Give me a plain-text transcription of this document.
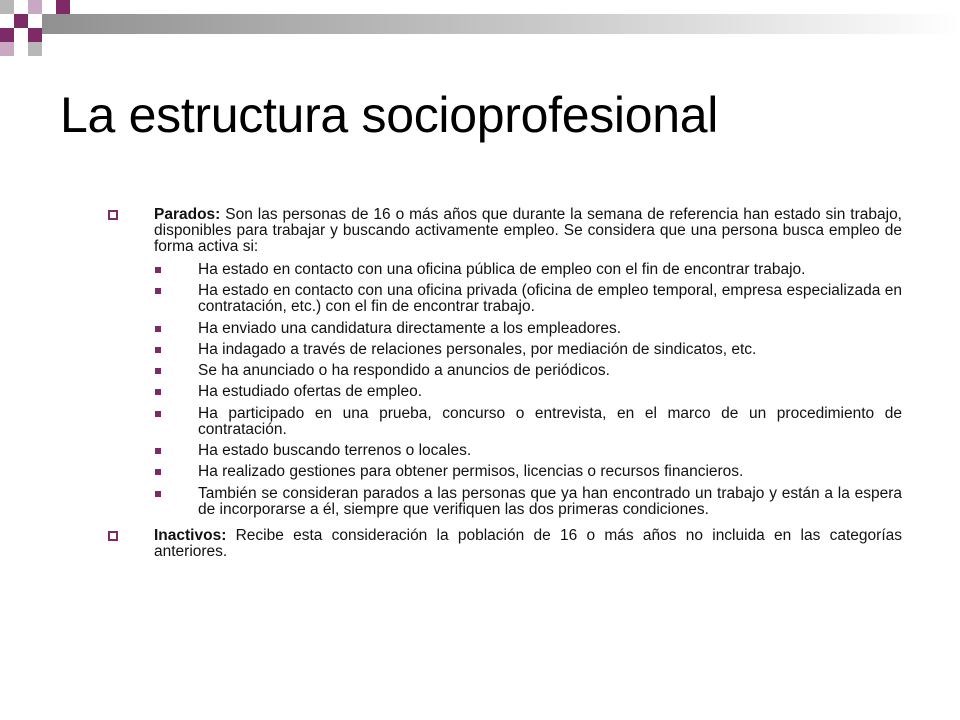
La estructura socioprofesional
Parados: Son las personas de 16 o más años que durante la semana de referencia han estado sin trabajo, disponibles para trabajar y buscando activamente empleo. Se considera que una persona busca empleo de forma activa si:
Ha estado en contacto con una oficina pública de empleo con el fin de encontrar trabajo.
Ha estado en contacto con una oficina privada (oficina de empleo temporal, empresa especializada en contratación, etc.) con el fin de encontrar trabajo.
Ha enviado una candidatura directamente a los empleadores.
Ha indagado a través de relaciones personales, por mediación de sindicatos, etc.
Se ha anunciado o ha respondido a anuncios de periódicos.
Ha estudiado ofertas de empleo.
Ha participado en una prueba, concurso o entrevista, en el marco de un procedimiento de contratación.
Ha estado buscando terrenos o locales.
Ha realizado gestiones para obtener permisos, licencias o recursos financieros.
También se consideran parados a las personas que ya han encontrado un trabajo y están a la espera de incorporarse a él, siempre que verifiquen las dos primeras condiciones.
Inactivos: Recibe esta consideración la población de 16 o más años no incluida en las categorías anteriores.
